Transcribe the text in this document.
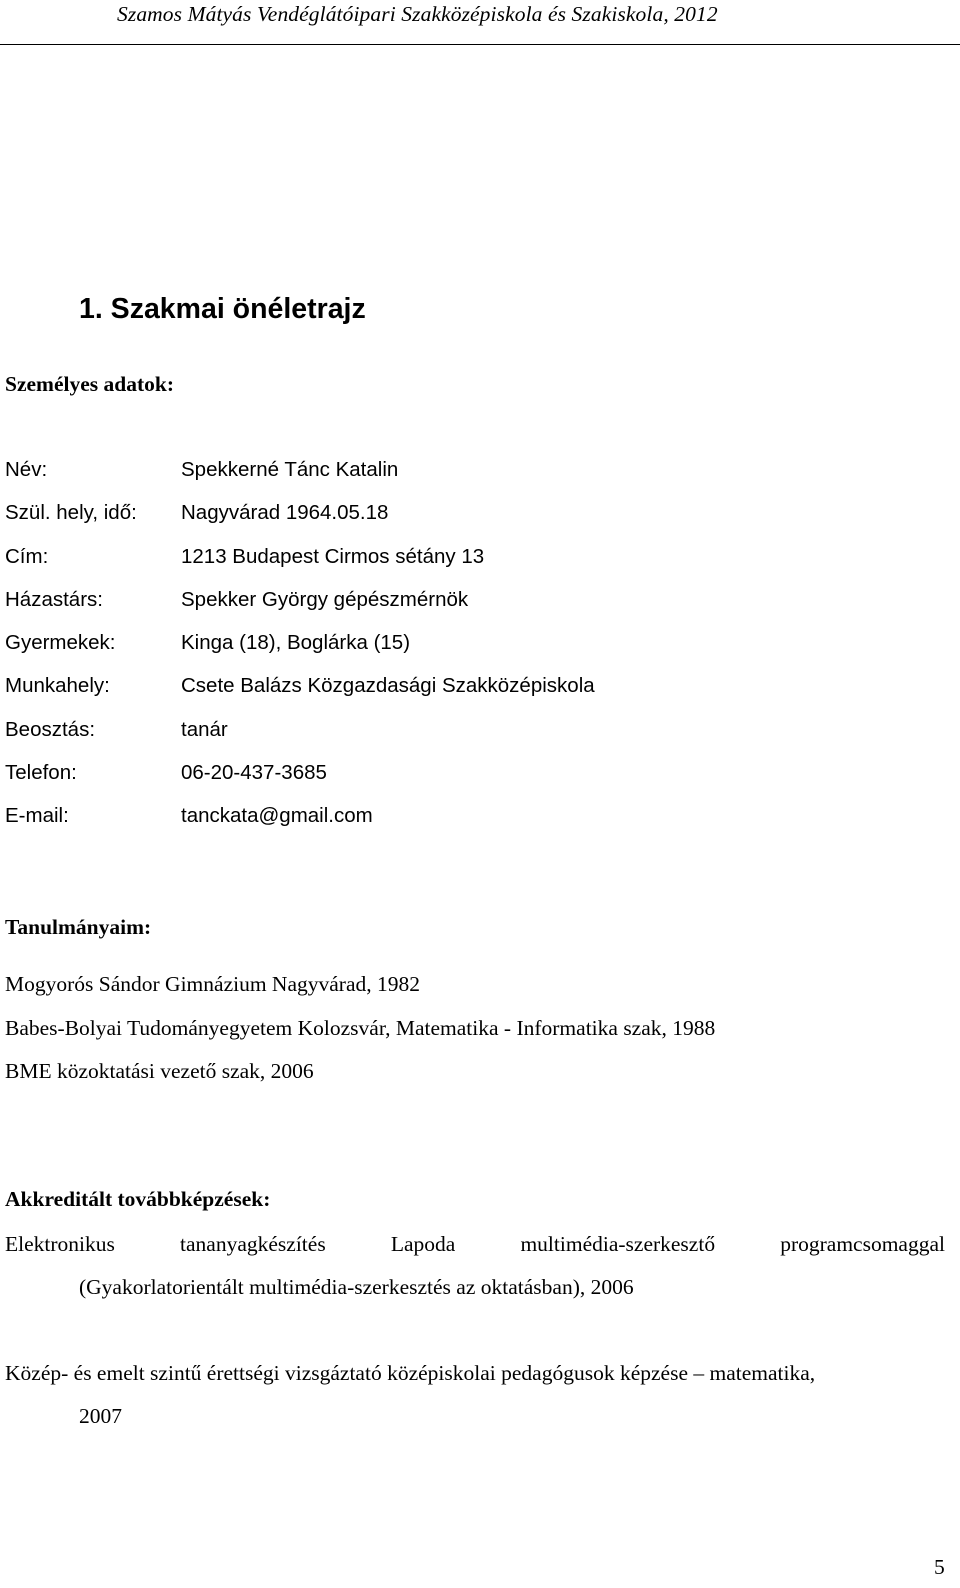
Szamos Mátyás Vendéglátóipari Szakközépiskola és Szakiskola, 2012
1. Szakmai önéletrajz
Személyes adatok:
Név:	Spekkerné Tánc Katalin
Szül. hely, idő: Nagyvárad 1964.05.18
Cím:	1213 Budapest Cirmos sétány 13
Házastárs:	Spekker György gépészmérnök
Gyermekek:	Kinga (18), Boglárka (15)
Munkahely:	Csete Balázs Közgazdasági Szakközépiskola
Beosztás:	tanár
Telefon:	06-20-437-3685
E-mail:	tanckata@gmail.com
Tanulmányaim:
Mogyorós Sándor Gimnázium Nagyvárad, 1982
Babes-Bolyai Tudományegyetem Kolozsvár, Matematika - Informatika szak, 1988
BME közoktatási vezető szak, 2006
Akkreditált továbbképzések:
Elektronikus tananyagkészítés Lapoda multimédia-szerkesztő programcsomaggal
(Gyakorlatorientált multimédia-szerkesztés az oktatásban), 2006
Közép- és emelt szintű érettségi vizsgáztató középiskolai pedagógusok képzése – matematika,
2007
5
